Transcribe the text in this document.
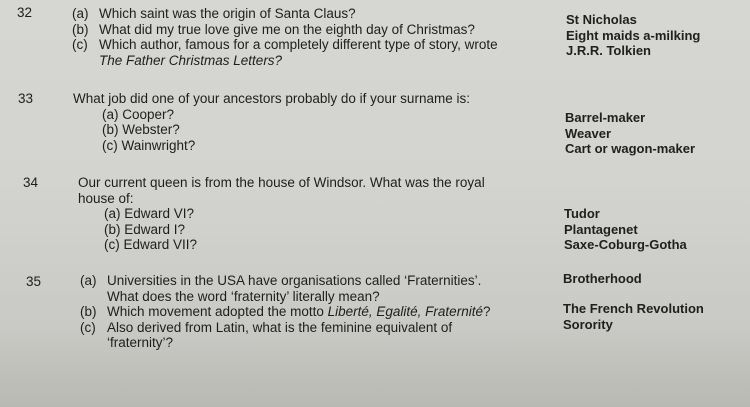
32	(a) Which saint was the origin of Santa Claus?
(b) What did my true love give me on the eighth day of Christmas?
(c) Which author, famous for a completely different type of story, wrote
The Father Christmas Letters?
St Nicholas
Eight maids a-milking
J.R.R. Tolkien
33	What job did one of your ancestors probably do if your surname is:
(a) Cooper?
(b) Webster?
(c) Wainwright?
Barrel-maker
Weaver
Cart or wagon-maker
34	Our current queen is from the house of Windsor. What was the royal
house of:
(a) Edward VI?
(b) Edward I?
(c) Edward VII?
Tudor
Plantagenet
Saxe-Coburg-Gotha
35	(a) Universities in the USA have organisations called ‘Fraternities’.
What does the word ‘fraternity’ literally mean?
(b) Which movement adopted the motto Liberté, Egalité, Fraternité?
(c) Also derived from Latin, what is the feminine equivalent of
‘fraternity’?
Brotherhood
The French Revolution
Sorority
